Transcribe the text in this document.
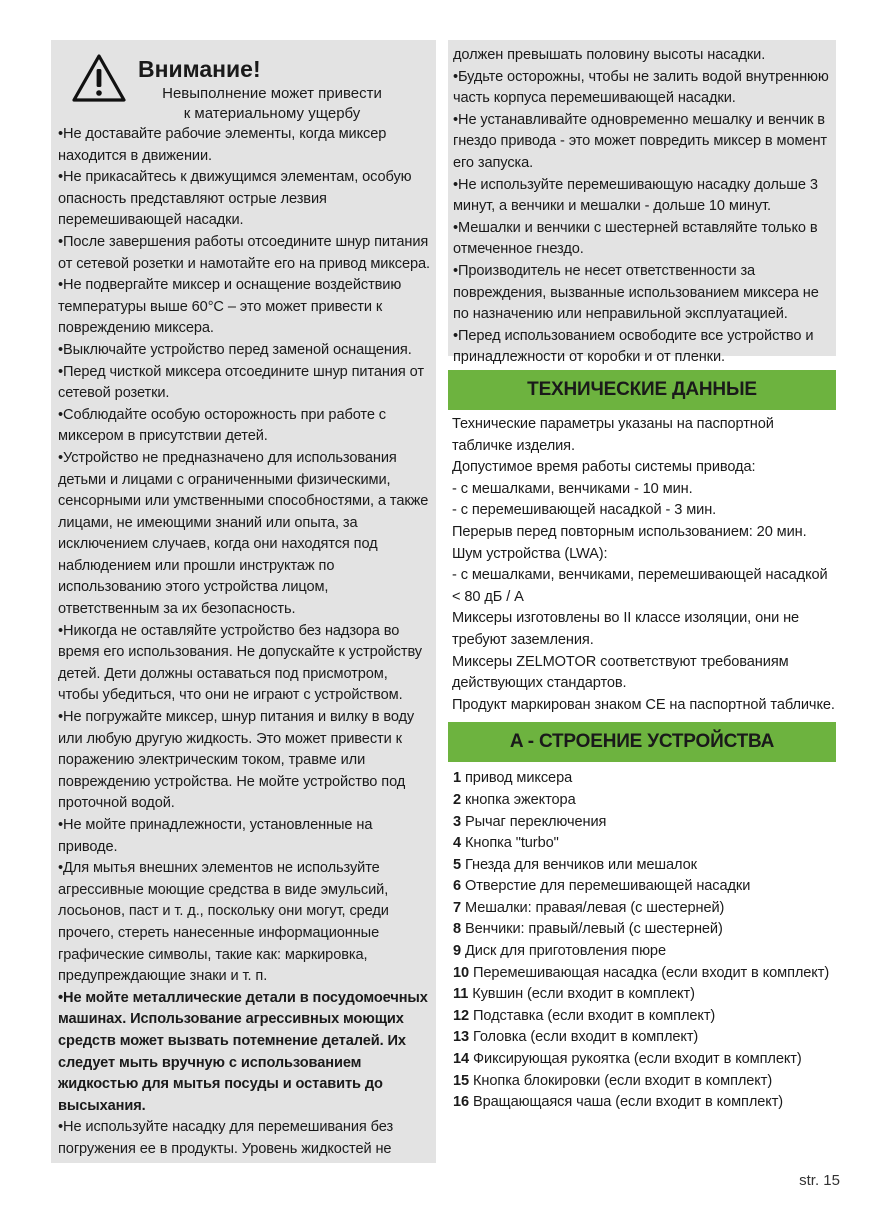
Внимание!
Невыполнение может привести
к материальному ущербу

•Не доставайте рабочие элементы, когда миксер находится в движении.

•Не прикасайтесь к движущимся элементам, особую опасность представляют острые лезвия перемешивающей насадки.

•После завершения работы отсоедините шнур питания от сетевой розетки и намотайте его на привод миксера.

•Не подвергайте миксер и оснащение воздействию температуры выше 60°С – это может привести к повреждению миксера.

•Выключайте устройство перед заменой оснащения.

•Перед чисткой миксера отсоедините шнур питания от сетевой розетки.

•Соблюдайте особую осторожность при работе с миксером в присутствии детей.

•Устройство не предназначено для использования детьми и лицами с ограниченными физическими, сенсорными или умственными способностями, а также лицами, не имеющими знаний или опыта, за исключением случаев, когда они находятся под наблюдением или прошли инструктаж по использованию этого устройства лицом, ответственным за их безопасность.

•Никогда не оставляйте устройство без надзора во время его использования. Не допускайте к устройству детей. Дети должны оставаться под присмотром, чтобы убедиться, что они не играют с устройством.

•Не погружайте миксер, шнур питания и вилку в воду или любую другую жидкость. Это может привести к поражению электрическим током, травме или повреждению устройства. Не мойте устройство под проточной водой.

•Не мойте принадлежности, установленные на приводе.

•Для мытья внешних элементов не используйте агрессивные моющие средства в виде эмульсий, лосьонов, паст и т. д., поскольку они могут, среди прочего, стереть нанесенные информационные графические символы, такие как: маркировка, предупреждающие знаки и т. п.

•Не мойте металлические детали в посудомоечных машинах. Использование агрессивных моющих средств может вызвать потемнение деталей. Их следует мыть вручную с использованием жидкостью для мытья посуды и оставить до высыхания.

•Не используйте насадку для перемешивания без погружения ее в продукты. Уровень жидкостей не

должен превышать половину высоты насадки.

•Будьте осторожны, чтобы не залить водой внутреннюю часть корпуса перемешивающей насадки.

•Не устанавливайте одновременно мешалку и венчик в гнездо привода - это может повредить миксер в момент его запуска.

•Не используйте перемешивающую насадку дольше 3 минут, а венчики и мешалки - дольше 10 минут.

•Мешалки и венчики с шестерней вставляйте только в отмеченное гнездо.

•Производитель не несет ответственности за повреждения, вызванные использованием миксера не по назначению или неправильной эксплуатацией.

•Перед использованием освободите все устройство и принадлежности от коробки и от пленки.

ТЕХНИЧЕСКИЕ ДАННЫЕ

Технические параметры указаны на паспортной табличке изделия.

Допустимое время работы системы привода:

- с мешалками, венчиками - 10 мин.

- с перемешивающей насадкой - 3 мин.

Перерыв перед повторным использованием: 20 мин.

Шум устройства (LWA):

- с мешалками, венчиками, перемешивающей насадкой < 80 дБ / А

Миксеры изготовлены во II классе изоляции, они не требуют заземления.

Миксеры ZELMOTOR соответствуют требованиям действующих стандартов.

Продукт маркирован знаком CE на паспортной табличке.

A - СТРОЕНИЕ УСТРОЙСТВА
1 привод миксера
2 кнопка эжектора
3 Рычаг переключения
4 Кнопка "turbo"
5 Гнезда для венчиков или мешалок
6 Отверстие для перемешивающей насадки
7 Мешалки: правая/левая (с шестерней)
8 Венчики: правый/левый (с шестерней)
9 Диск для приготовления пюре
10 Перемешивающая насадка (если входит в комплект)
11 Кувшин (если входит в комплект)
12 Подставка (если входит в комплект)
13 Головка (если входит в комплект)
14 Фиксирующая рукоятка (если входит в комплект)
15 Кнопка блокировки (если входит в комплект)
16 Вращающаяся чаша (если входит в комплект)
str. 15
